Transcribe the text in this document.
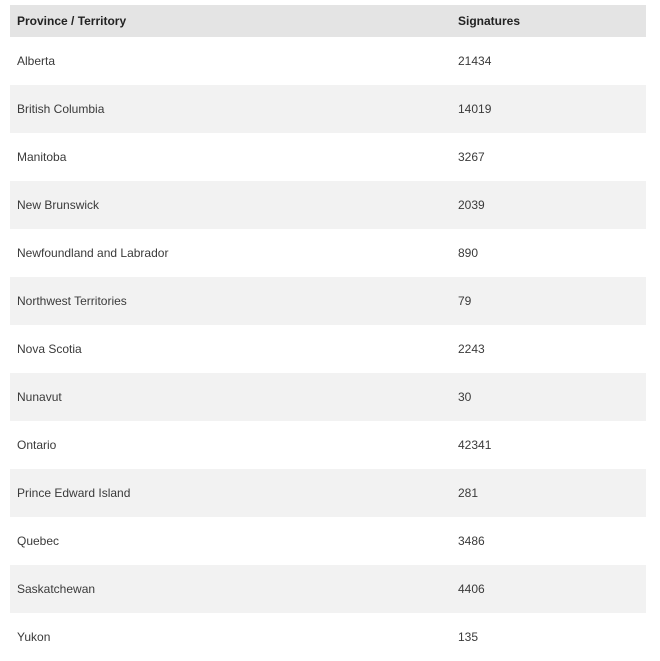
Province / Territory	Signatures
Alberta	21434
British Columbia	14019
Manitoba	3267
New Brunswick	2039
Newfoundland and Labrador	890
Northwest Territories	79
Nova Scotia	2243
Nunavut	30
Ontario	42341
Prince Edward Island	281
Quebec	3486
Saskatchewan	4406
Yukon	135
